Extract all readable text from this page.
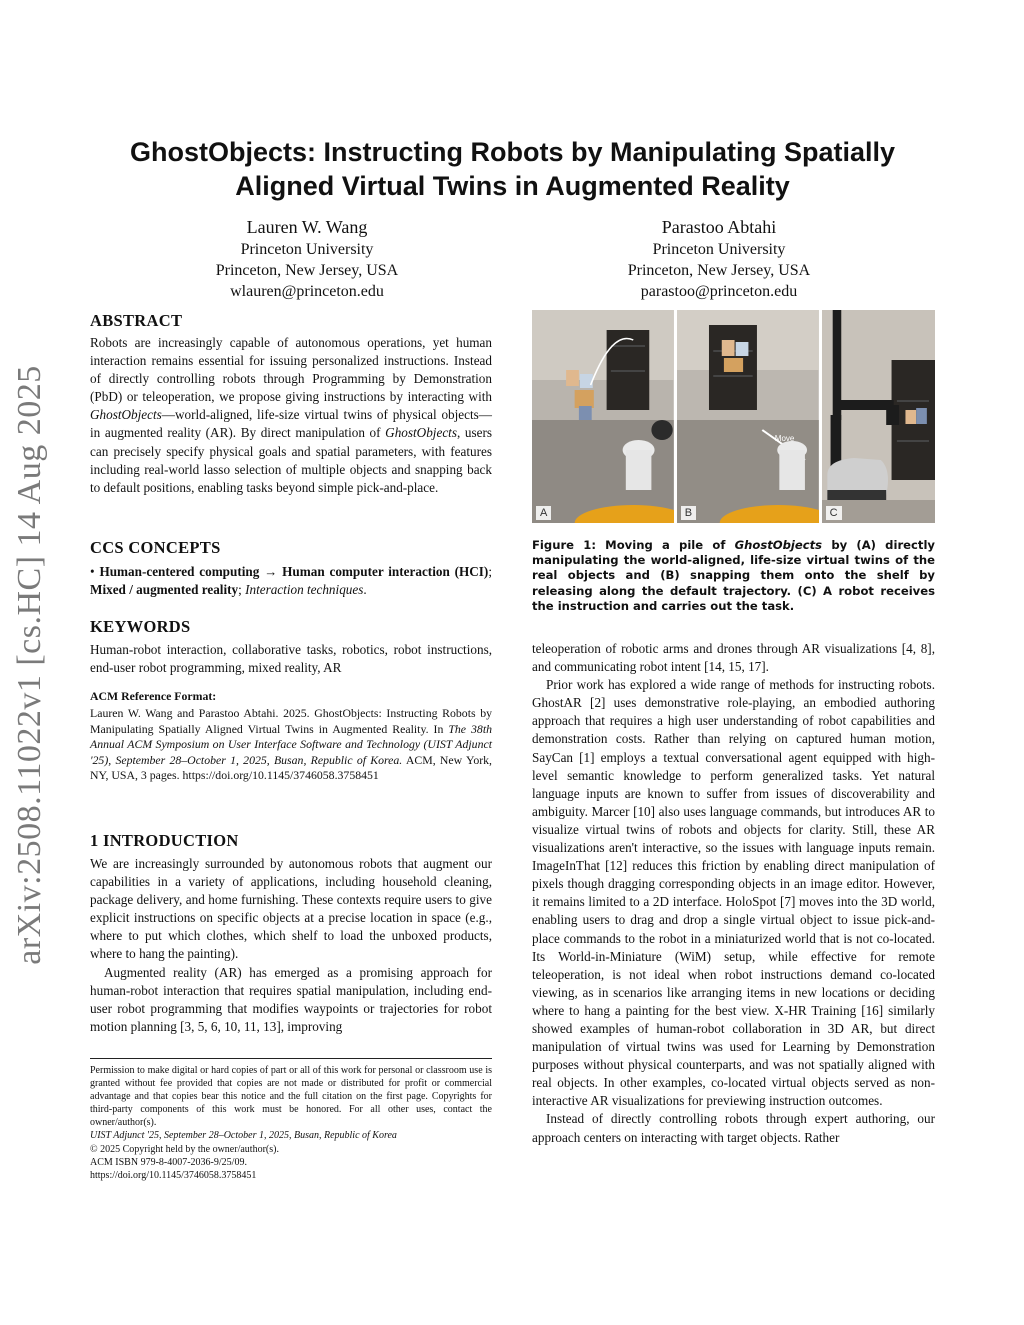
arXiv:2508.11022v1 [cs.HC] 14 Aug 2025
GhostObjects: Instructing Robots by Manipulating Spatially
Aligned Virtual Twins in Augmented Reality
Lauren W. Wang
Princeton University
Princeton, New Jersey, USA
wlauren@princeton.edu
Parastoo Abtahi
Princeton University
Princeton, New Jersey, USA
parastoo@princeton.edu
ABSTRACT

Robots are increasingly capable of autonomous operations, yet human interaction remains essential for issuing personalized instructions. Instead of directly controlling robots through Programming by Demonstration (PbD) or teleoperation, we propose giving instructions by interacting with GhostObjects—world-aligned, life-size virtual twins of physical objects—in augmented reality (AR). By direct manipulation of GhostObjects, users can precisely specify physical goals and spatial parameters, with features including real-world lasso selection of multiple objects and snapping back to default positions, enabling tasks beyond simple pick-and-place.

CCS CONCEPTS

• Human-centered computing → Human computer interaction (HCI); Mixed / augmented reality; Interaction techniques.

KEYWORDS
Human-robot interaction, collaborative tasks, robotics, robot instructions, end-user robot programming, mixed reality, AR
ACM Reference Format:
Lauren W. Wang and Parastoo Abtahi. 2025. GhostObjects: Instructing Robots by Manipulating Spatially Aligned Virtual Twins in Augmented Reality. In The 38th Annual ACM Symposium on User Interface Software and Technology (UIST Adjunct '25), September 28–October 1, 2025, Busan, Republic of Korea. ACM, New York, NY, USA, 3 pages. https://doi.org/10.1145/3746058.3758451
1 INTRODUCTION

We are increasingly surrounded by autonomous robots that augment our capabilities in a variety of applications, including household cleaning, package delivery, and home furnishing. These contexts require users to give explicit instructions on specific objects at a precise location in space (e.g., where to put which clothes, which shelf to load the unboxed products, where to hang the painting).

Augmented reality (AR) has emerged as a promising approach for human-robot interaction that requires spatial manipulation, including end-user robot programming that modifies waypoints or trajectories for robot motion planning [3, 5, 6, 10, 11, 13], improving

Permission to make digital or hard copies of part or all of this work for personal or classroom use is granted without fee provided that copies are not made or distributed for profit or commercial advantage and that copies bear this notice and the full citation on the first page. Copyrights for third-party components of this work must be honored. For all other uses, contact the owner/author(s).
UIST Adjunct '25, September 28–October 1, 2025, Busan, Republic of Korea
© 2025 Copyright held by the owner/author(s).
ACM ISBN 979-8-4007-2036-9/25/09.
https://doi.org/10.1145/3746058.3758451
A
Move
B	C
Figure 1: Moving a pile of GhostObjects by (A) directly manipulating the world-aligned, life-size virtual twins of the real objects and (B) snapping them onto the shelf by releasing along the default trajectory. (C) A robot receives the instruction and carries out the task.

teleoperation of robotic arms and drones through AR visualizations [4, 8], and communicating robot intent [14, 15, 17].

Prior work has explored a wide range of methods for instructing robots. GhostAR [2] uses demonstrative role-playing, an embodied authoring approach that requires a high user understanding of robot capabilities and demonstration costs. Rather than relying on captured human motion, SayCan [1] employs a textual conversational agent equipped with high-level semantic knowledge to perform generalized tasks. Yet natural language inputs are known to suffer from issues of discoverability and ambiguity. Marcer [10] also uses language commands, but introduces AR to visualize virtual twins of robots and objects for clarity. Still, these AR visualizations aren't interactive, so the issues with language inputs remain. ImageInThat [12] reduces this friction by enabling direct manipulation of pixels though dragging corresponding objects in an image editor. However, it remains limited to a 2D interface. HoloSpot [7] moves into the 3D world, enabling users to drag and drop a single virtual object to issue pick-and-place commands to the robot in a miniaturized world that is not co-located. Its World-in-Miniature (WiM) setup, while effective for remote teleoperation, is not ideal when robot instructions demand co-located viewing, as in scenarios like arranging items in new locations or deciding where to hang a painting for the best view. X-HR Training [16] similarly showed examples of human-robot collaboration in 3D AR, but direct manipulation of virtual twins was used for Learning by Demonstration purposes without physical counterparts, and was not spatially aligned with real objects. In other examples, co-located virtual objects served as non-interactive AR visualizations for previewing instruction outcomes.

Instead of directly controlling robots through expert authoring, our approach centers on interacting with target objects. Rather
